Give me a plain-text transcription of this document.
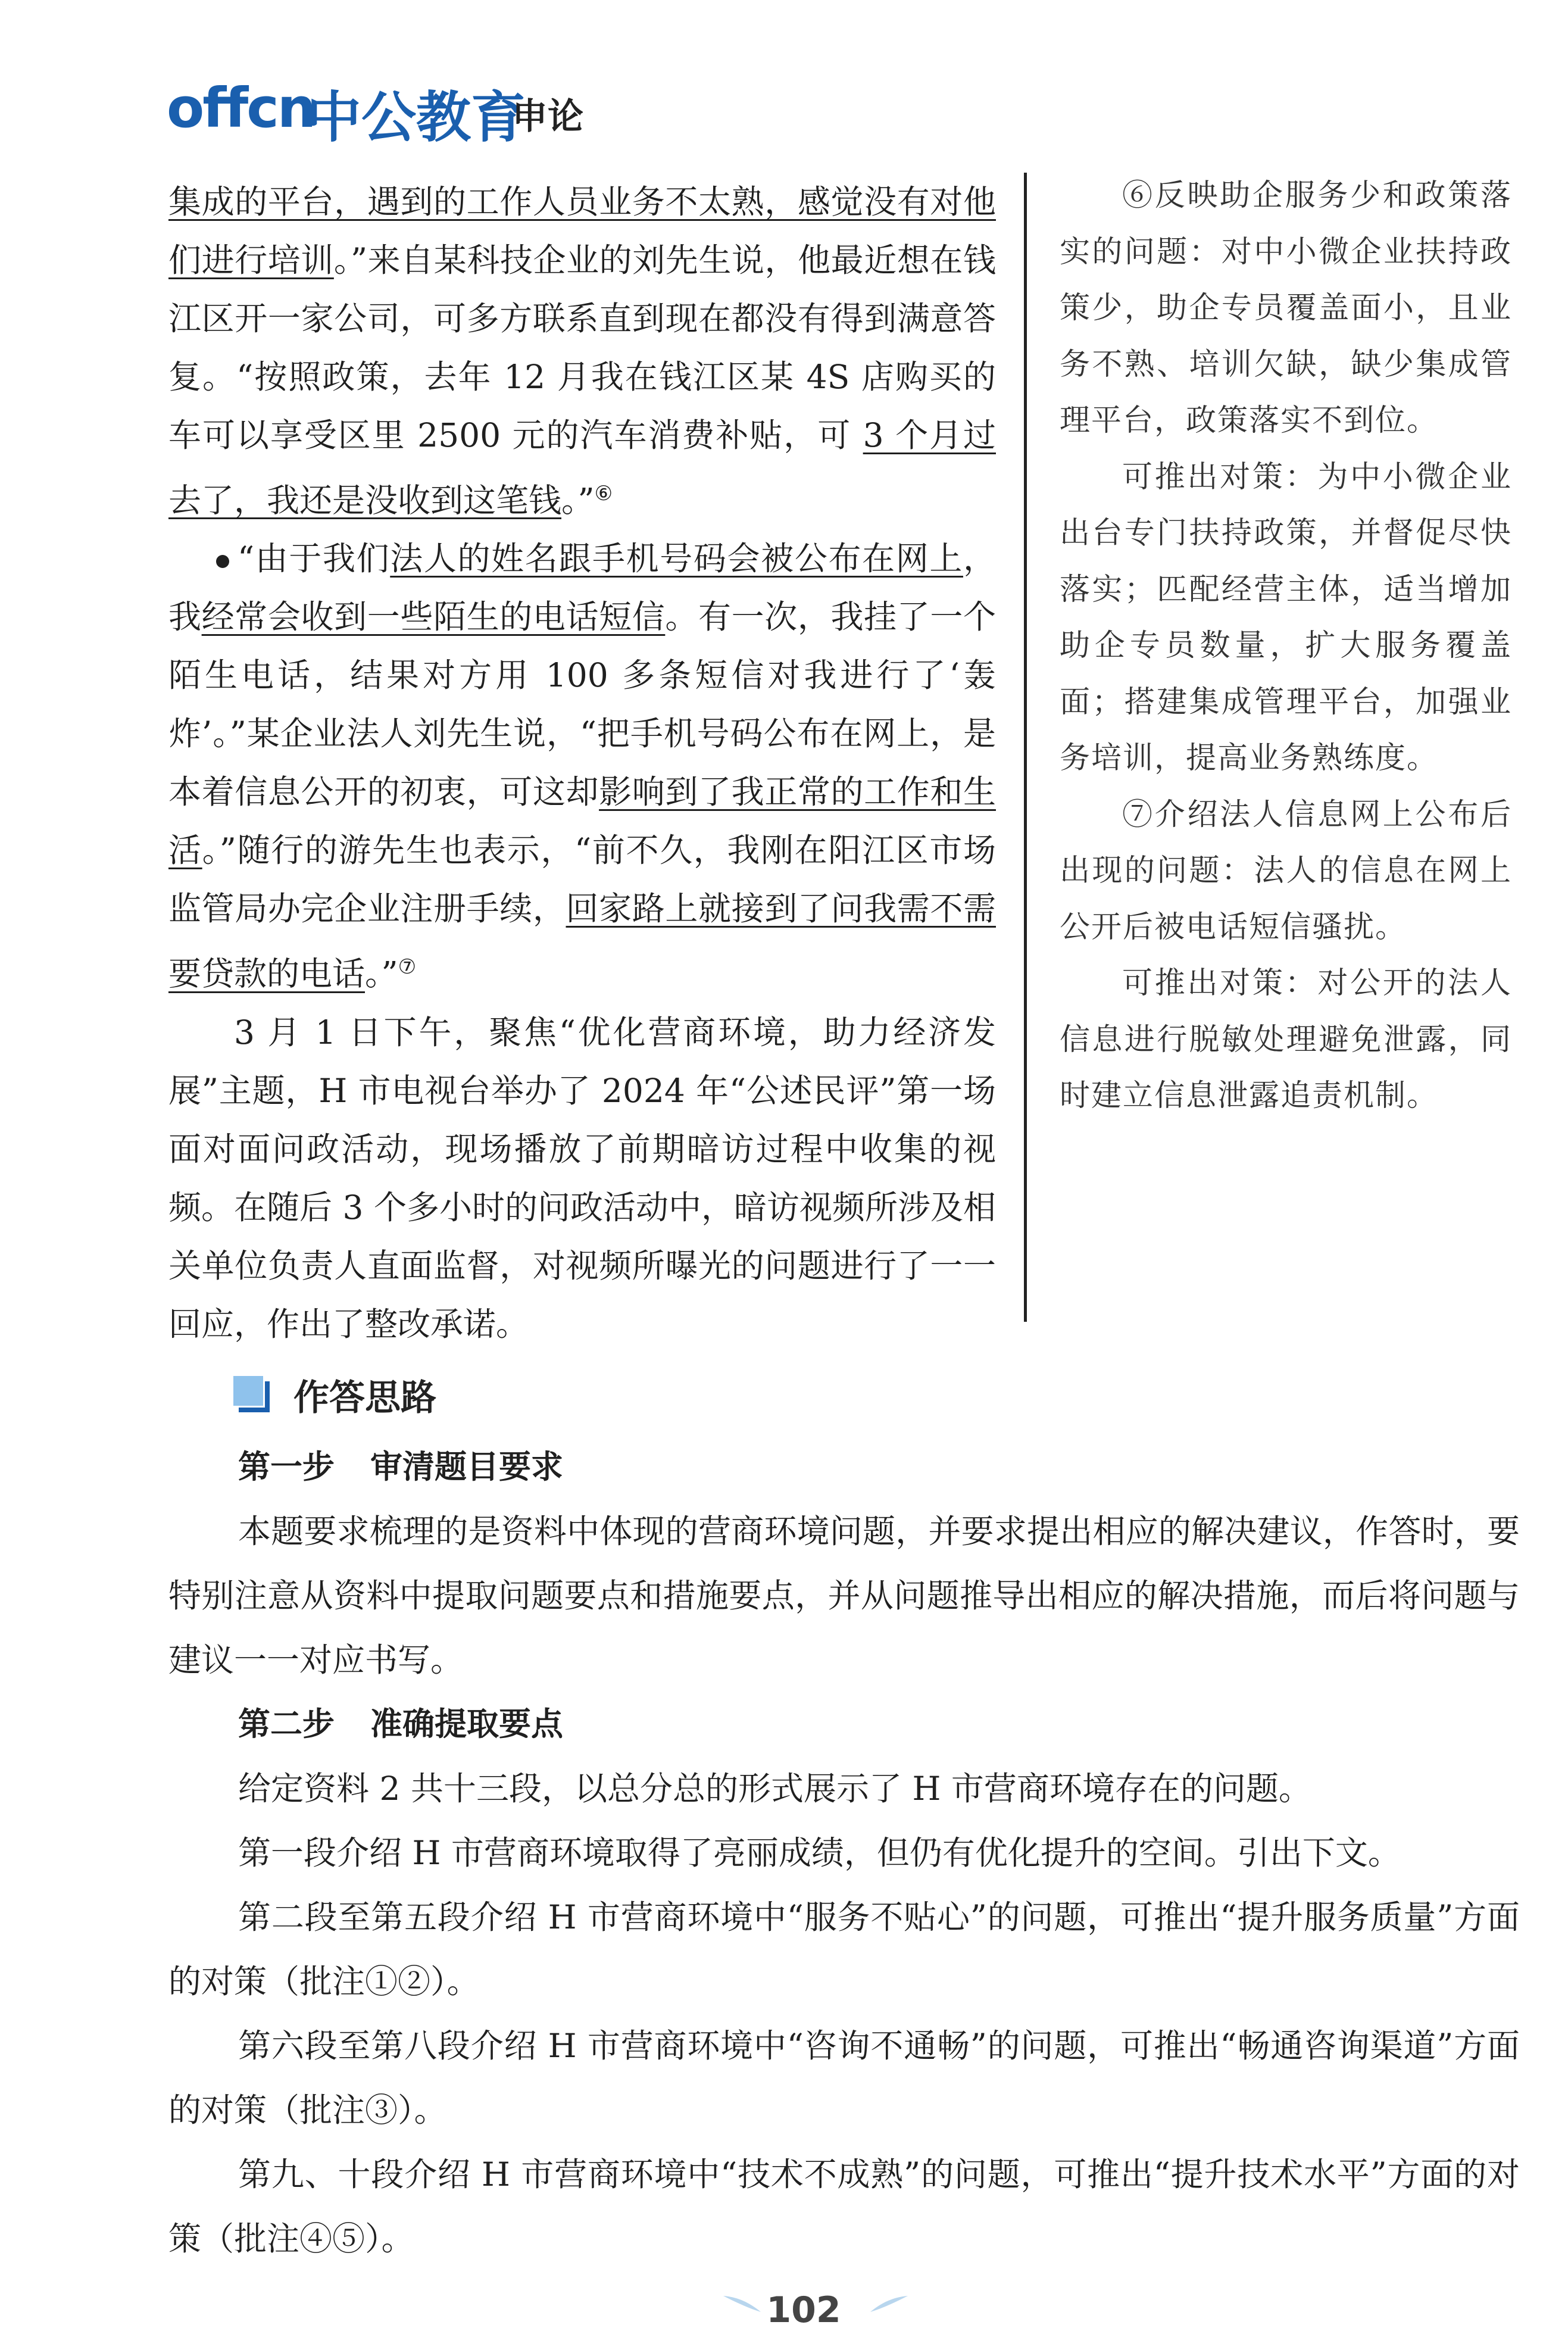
offcn
中公教育
申论

集成的平台，遇到的工作人员业务不太熟，感觉没有对他们进行培训。”来自某科技企业的刘先生说，他最近想在钱江区开一家公司，可多方联系直到现在都没有得到满意答复。“按照政策，去年 12 月我在钱江区某 4S 店购买的车可以享受区里 2500 元的汽车消费补贴，可 3 个月过去了，我还是没收到这笔钱。”⑥

“由于我们法人的姓名跟手机号码会被公布在网上，我经常会收到一些陌生的电话短信。有一次，我挂了一个陌生电话，结果对方用 100 多条短信对我进行了‘轰炸’。”某企业法人刘先生说，“把手机号码公布在网上，是本着信息公开的初衷，可这却影响到了我正常的工作和生活。”随行的游先生也表示，“前不久，我刚在阳江区市场监管局办完企业注册手续，回家路上就接到了问我需不需要贷款的电话。”⑦

3 月 1 日下午，聚焦“优化营商环境，助力经济发展”主题，H 市电视台举办了 2024 年“公述民评”第一场面对面问政活动，现场播放了前期暗访过程中收集的视频。在随后 3 个多小时的问政活动中，暗访视频所涉及相关单位负责人直面监督，对视频所曝光的问题进行了一一回应，作出了整改承诺。

⑥反映助企服务少和政策落实的问题：对中小微企业扶持政策少，助企专员覆盖面小，且业务不熟、培训欠缺，缺少集成管理平台，政策落实不到位。

可推出对策：为中小微企业出台专门扶持政策，并督促尽快落实；匹配经营主体，适当增加助企专员数量，扩大服务覆盖面；搭建集成管理平台，加强业务培训，提高业务熟练度。

⑦介绍法人信息网上公布后出现的问题：法人的信息在网上公开后被电话短信骚扰。

可推出对策：对公开的法人信息进行脱敏处理避免泄露，同时建立信息泄露追责机制。

作答思路
第一步 审清题目要求

本题要求梳理的是资料中体现的营商环境问题，并要求提出相应的解决建议，作答时，要特别注意从资料中提取问题要点和措施要点，并从问题推导出相应的解决措施，而后将问题与建议一一对应书写。

第二步 准确提取要点

给定资料 2 共十三段，以总分总的形式展示了 H 市营商环境存在的问题。

第一段介绍 H 市营商环境取得了亮丽成绩，但仍有优化提升的空间。引出下文。

第二段至第五段介绍 H 市营商环境中“服务不贴心”的问题，可推出“提升服务质量”方面的对策（批注①②）。

第六段至第八段介绍 H 市营商环境中“咨询不通畅”的问题，可推出“畅通咨询渠道”方面的对策（批注③）。

第九、十段介绍 H 市营商环境中“技术不成熟”的问题，可推出“提升技术水平”方面的对策（批注④⑤）。

102
